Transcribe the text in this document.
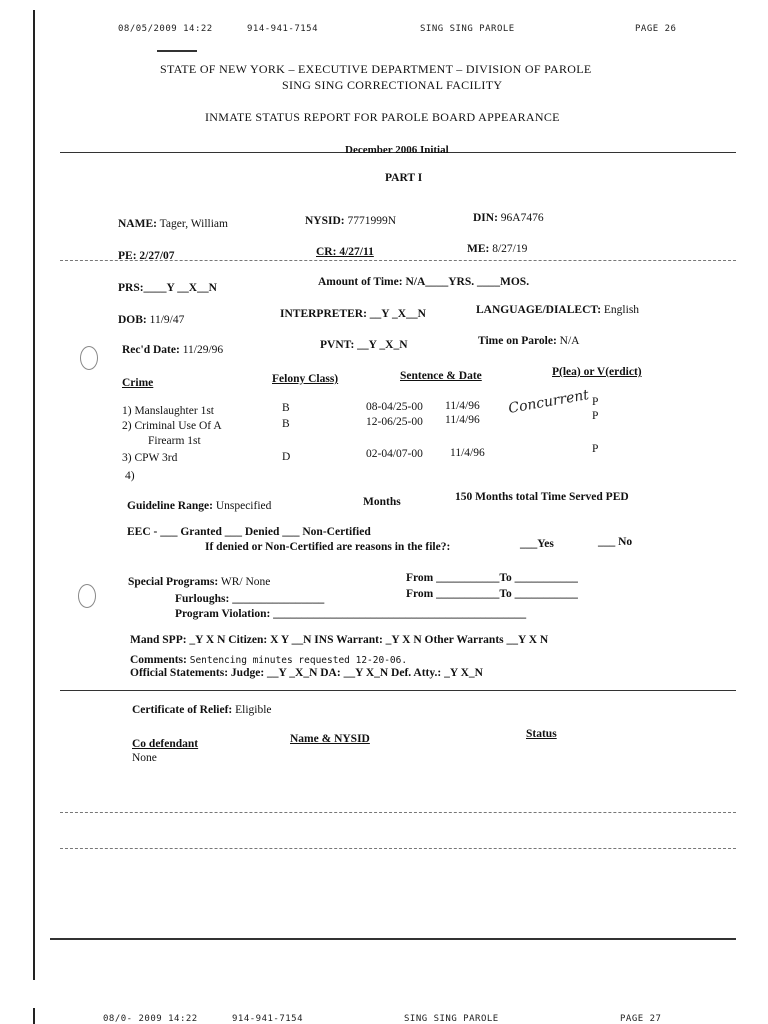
08/05/2009 14:22	914-941-7154	SING SING PAROLE	PAGE 26
STATE OF NEW YORK – EXECUTIVE DEPARTMENT – DIVISION OF PAROLE
SING SING CORRECTIONAL FACILITY
INMATE STATUS REPORT FOR PAROLE BOARD APPEARANCE
December 2006 Initial
PART I
NAME: Tager, William	NYSID: 7771999N	DIN: 96A7476
PE: 2/27/07	CR: 4/27/11	ME: 8/27/19
PRS:____Y __X__N	Amount of Time: N/A____YRS. ____MOS.
DOB: 11/9/47	INTERPRETER: __Y _X__N	LANGUAGE/DIALECT: English
Rec'd Date: 11/29/96	PVNT: __Y _X_N	Time on Parole: N/A
Crime	Felony Class)	Sentence & Date	P(lea) or V(erdict)
1) Manslaughter 1st	B	08-04/25-00 11/4/96	P
2) Criminal Use Of A	B	12-06/25-00 11/4/96	P
Firearm 1st
3) CPW 3rd	D	02-04/07-00 11/4/96	P
4)
Concurrent
Guideline Range: Unspecified	Months	150 Months total Time Served PED
EEC - ___ Granted ___ Denied ___ Non-Certified
If denied or Non-Certified are reasons in the file?:	___Yes	___ No
Special Programs: WR/ None	From ___________To ___________
Furloughs: ________________	From ___________To ___________
Program Violation: ____________________________________________
Mand SPP: _Y X N Citizen: X Y __N INS Warrant: _Y X N Other Warrants __Y X N
Comments: Sentencing minutes requested 12-20-06.
Official Statements: Judge: __Y _X_N DA: __Y X_N Def. Atty.: _Y X_N
Certificate of Relief: Eligible
Co defendant	Name & NYSID	Status
None
08/0- 2009 14:22	914-941-7154	SING SING PAROLE	PAGE 27
